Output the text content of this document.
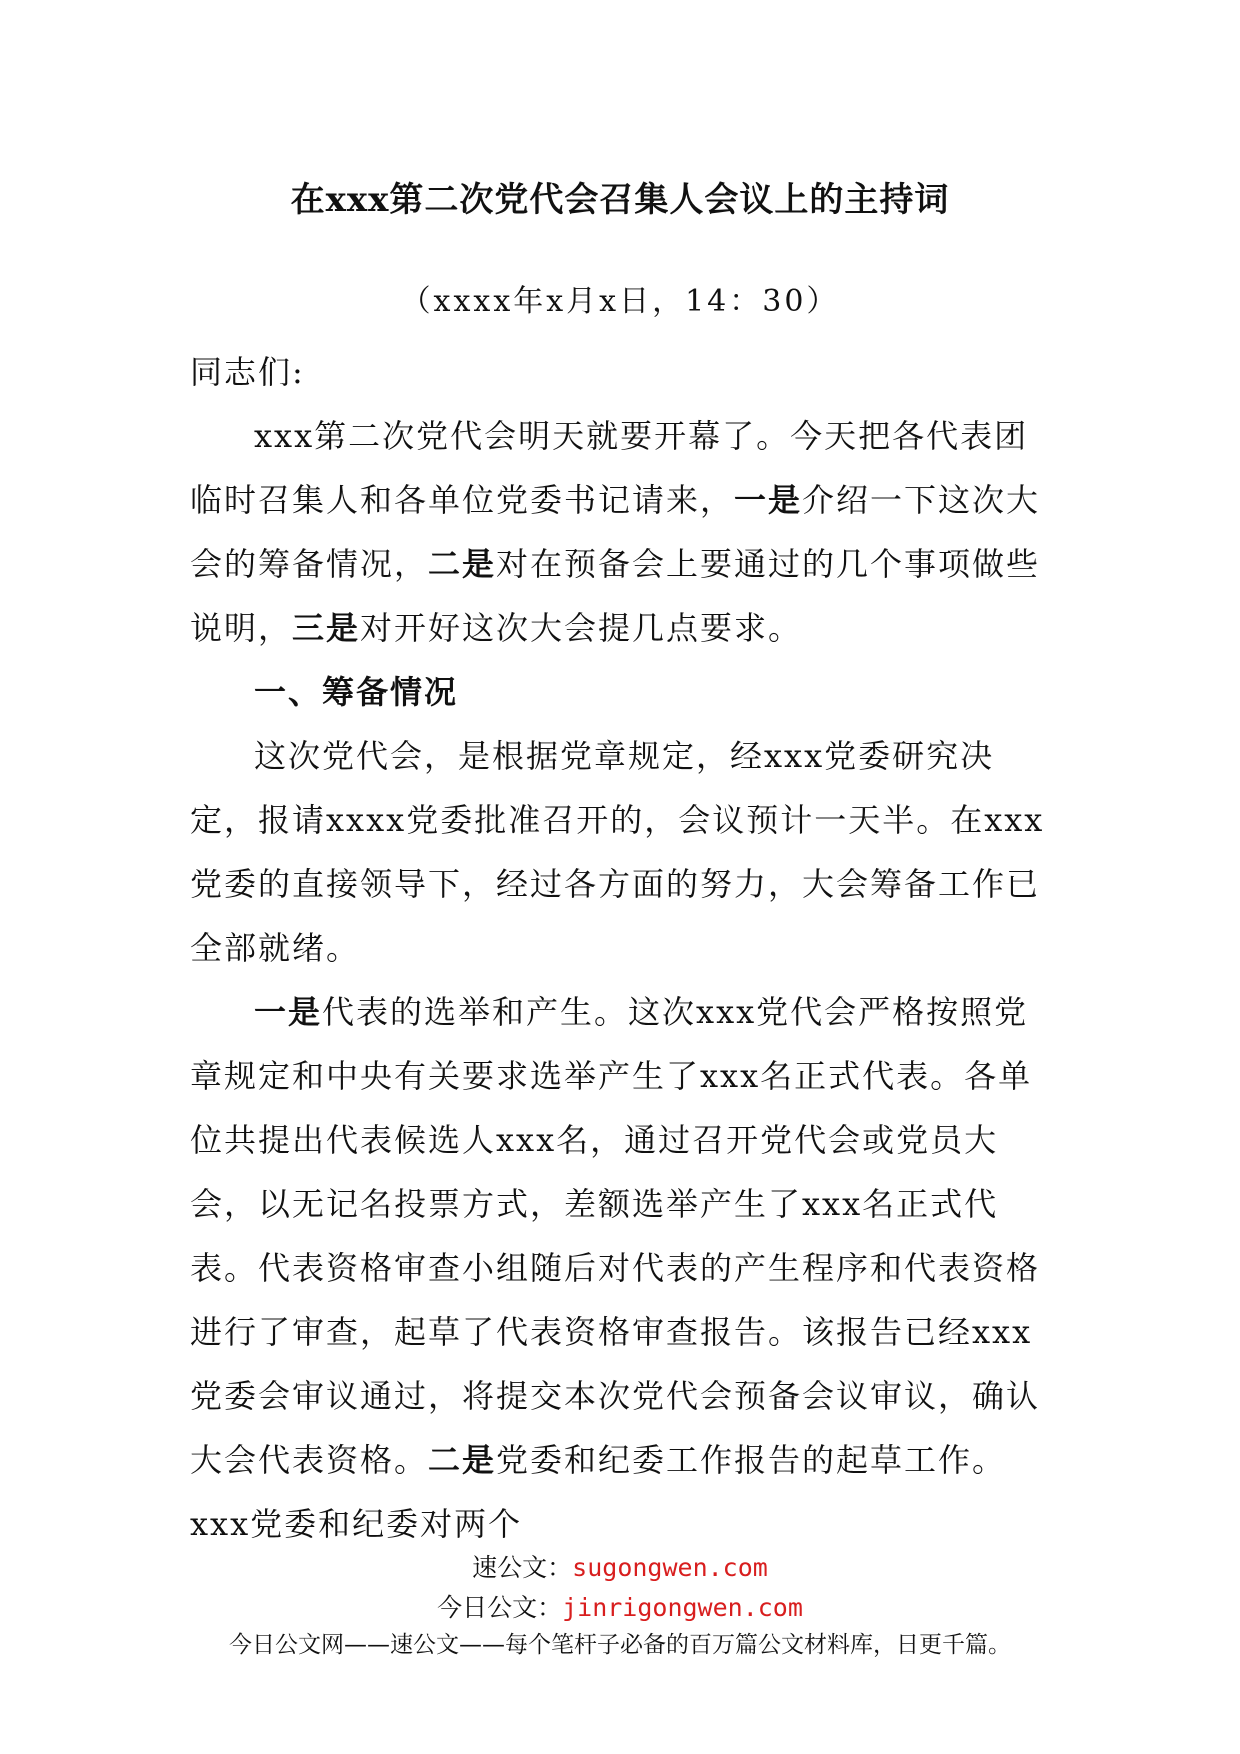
在xxx第二次党代会召集人会议上的主持词
（xxxx年x月x日，14：30）

同志们:

xxx第二次党代会明天就要开幕了。今天把各代表团临时召集人和各单位党委书记请来，一是介绍一下这次大会的筹备情况，二是对在预备会上要通过的几个事项做些说明，三是对开好这次大会提几点要求。

一、筹备情况

这次党代会，是根据党章规定，经xxx党委研究决定，报请xxxx党委批准召开的，会议预计一天半。在xxx党委的直接领导下，经过各方面的努力，大会筹备工作已全部就绪。

一是代表的选举和产生。这次xxx党代会严格按照党章规定和中央有关要求选举产生了xxx名正式代表。各单位共提出代表候选人xxx名，通过召开党代会或党员大会，以无记名投票方式，差额选举产生了xxx名正式代表。代表资格审查小组随后对代表的产生程序和代表资格进行了审查，起草了代表资格审查报告。该报告已经xxx党委会审议通过，将提交本次党代会预备会议审议，确认大会代表资格。二是党委和纪委工作报告的起草工作。xxx党委和纪委对两个

速公文：sugongwen.com
今日公文：jinrigongwen.com
今日公文网——速公文——每个笔杆子必备的百万篇公文材料库，日更千篇。
